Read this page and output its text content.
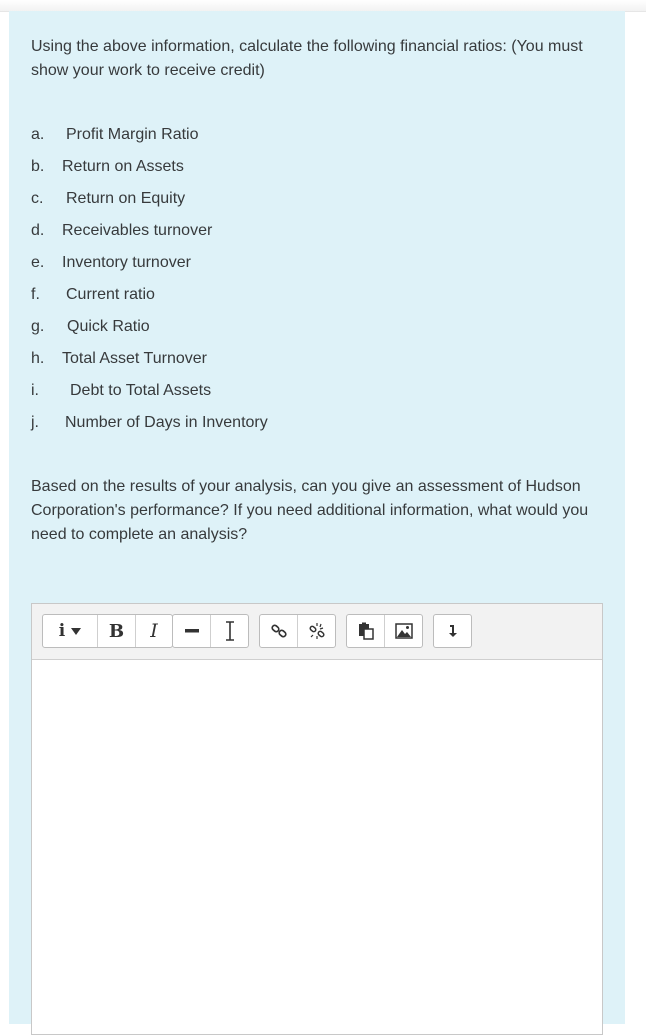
Using the above information, calculate the following financial ratios: (You must show your work to receive credit)

a. Profit Margin Ratio
b. Return on Assets
c. Return on Equity
d. Receivables turnover
e. Inventory turnover
f. Current ratio
g. Quick Ratio
h. Total Asset Turnover
i. Debt to Total Assets
j. Number of Days in Inventory

Based on the results of your analysis, can you give an assessment of Hudson Corporation's performance? If you need additional information, what would you need to complete an analysis?

i B I
